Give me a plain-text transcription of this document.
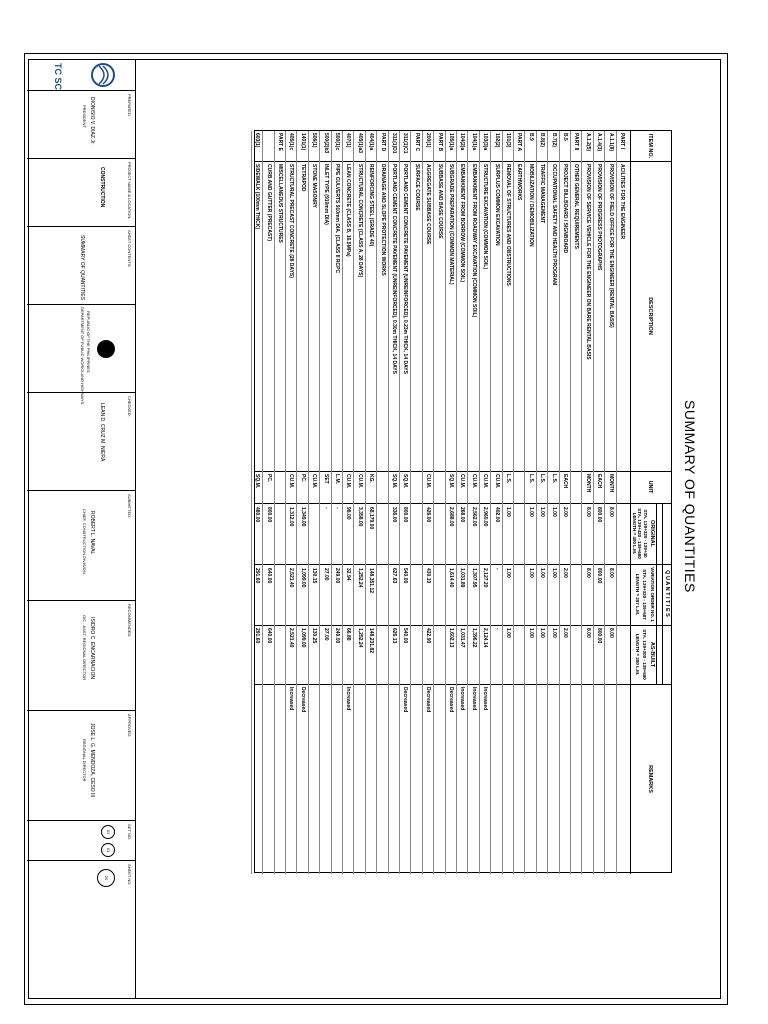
SUMMARY OF QUANTITIES
ITEM NO.
DESCRIPTION
UNIT
Q U A N T I T I E S
ORIGINAL
STA. 139+320 - 139+40
STA. 139+420 - 139+680
LENGTH = 400 L.M.
VARIATION ORDER NO. 1
STA. 139+320 - 139+587
LENGTH = 287 L.M.
AS-BUILT
STA. 139+300 - 139+580
LENGTH = 280 L.M.
REMARKS
PART I
ACILITIES FOR THE ENGINEER
A.1.1(8)
PROVISION OF FIELD OFFICE FOR THE ENGINEER (RENTAL BASIS)
MONTH
8.00
8.00
8.00
A.1.4(3)
PROVISION OF PROGRESS PHOTOGRAPHS
EACH
800.00
800.00
800.00
A.1.2(5)
PROVISION OF SERVICE VEHICLE FOR THE ENGINEER ON BARE RENTAL BASIS
MONTH
8.00
8.00
8.00
PART II
OTHER GENERAL REQUIREMENTS
B.5
PROJECT BILLBOARD / SIGNBOARD
EACH
2.00
2.00
2.00
B.7(2)
OCCUPATIONAL SAFETY AND HEALTH PROGRAM
L.S.
1.00
1.00
1.00
B.8(2)
TRAFFIC MANAGEMENT
L.S.
1.00
1.00
1.00
B.9
MOBILIZATION / DEMOBILIZATION
L.S.
1.00
1.00
1.00
PART A
EARTHWORKS
101(3)
REMOVAL OF STRUCTURES AND OBSTRUCTIONS
L.S.
1.00
1.00
1.00
102(2)
SURPLUS COMMON EXCAVATION
CU.M.
402.00
-
-
103(3)a
STRUCTURE EXCAVATION (COMMON SOIL)
CU.M.
2,960.00
2,127.20
2,124.14
Increased
104(1)a
EMBANKMENT FROM ROADWAY EXCAVATION (COMMON SOIL)
CU.M.
2,562.00
1,307.95
1,396.22
Increased
104(2)a
EMBANKMENT FROM BORROW (COMMON SOIL)
CU.M.
268.00
1,031.89
1,031.47
Increased
105(1)a
SUBGRADE PREPARATION (COMMON MATERIAL)
SQ.M.
2,688.00
1,614.40
1,602.13
Decreased
PART B
SUBBASE AND BASE COURSE
200(1)
AGGREGATE SUBBASE COURSE
CU.M.
426.00
430.10
422.90
Decreased
PART C
SURFACE COURSE
311(1)C1
PORTLAND CEMENT CONCRETE PAVEMENT (UNREINFORCED), 0.23m THICK, 14 DAYS
SQ.M.
800.00
540.00
540.00
Decreased
311(1)D1
PORTLAND CEMENT CONCRETE PAVEMENT (UNREINFORCED), 0.30m THICK, 14 DAYS
SQ.M.
336.00
627.63
626.13
PART D
DRAINAGE AND SLOPE PROTECTION WORKS
404(1)a
REINFORCING STEEL (GRADE 40)
KG.
68,179.00
148,351.12
148,231.82
405(1)a3
STRUCTURAL CONCRETE (CLASS A, 28 DAYS)
CU.M.
3,358.00
1,252.24
1,252.24
407(1)
LEAN CONCRETE (CLASS B, 16.5MPa)
CU.M.
98.00
32.94
66.88
Increased
500(1)c
PIPE CULVERTS 910mm DIA. (CLASS II RCPC
L.M.
-
249.00
249.00
500(2)b3
INLET TYPE (910mm DIA)
SET
-
27.00
27.00
506(1)
STONE MASONRY
CU.M.
130.15
130.25
1401(1)
TETRAPOD
PC.
1,349.00
1,099.00
1,099.00
Decreased
405(1)c
STRUCTURAL PRECAST CONCRETE (28 DAYS)
CU.M.
1,312.00
2,521.40
2,521.40
Increased
PART E
MISCELLANEOUS STRUCTURES
CURB AND GUTTER (PRECAST)
PC.
800.00
640.00
640.00
603(1)
SIDEWALK (100mm THICK)
SQ.M.
480.00
291.60
291.60
TC SC
PREPARED:
DIONISIO V. DIAZ Jr.
PRESIDENT
PROJECT NAME & LOCATION:
CONSTRUCTION
SHEET CONTENTS:
SUMMARY OF QUANTITIES
REPUBLIC OF THE PHILIPPINES
DEPARTMENT OF PUBLIC WORKS AND HIGHWAYS
CHECKED:
LEAN D. CRUZ M. NIERA
SUBMITTED:
ROBERT L. NAVAL
CHIEF, CONSTRUCTION DIVISION
RECOMMENDED:
ISIDRO C. ENCARNACION
OIC - ASST. REGIONAL DIRECTOR
APPROVED:
JOSE L. G. MENDOZA, CESO III
REGIONAL DIRECTOR
SET NO.
01
01
SHEET NO.
20
